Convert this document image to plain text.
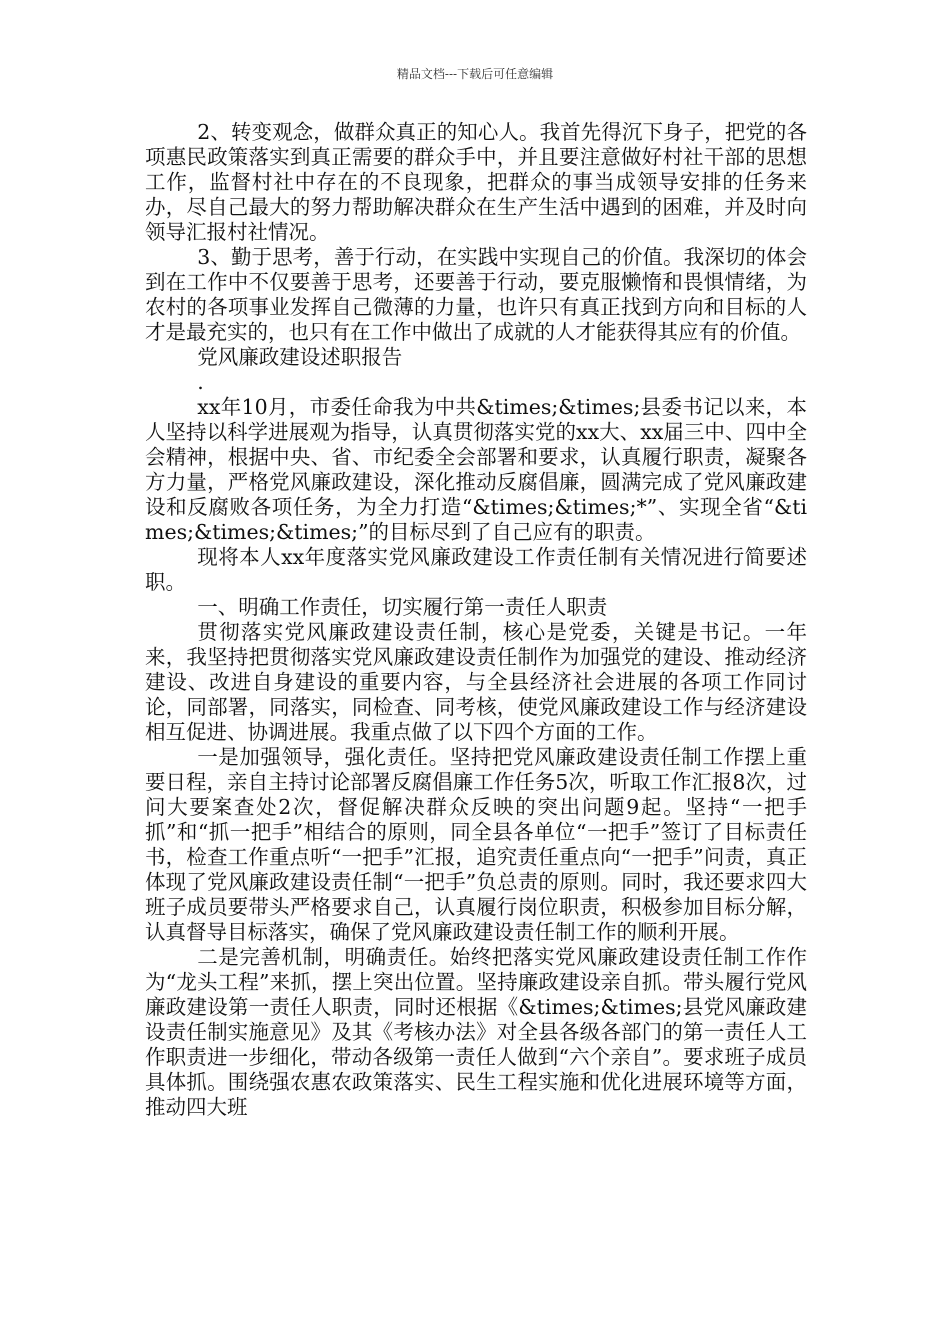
精品文档---下载后可任意编辑

2、转变观念，做群众真正的知心人。我首先得沉下身子，把党的各项惠民政策落实到真正需要的群众手中，并且要注意做好村社干部的思想工作，监督村社中存在的不良现象，把群众的事当成领导安排的任务来办，尽自己最大的努力帮助解决群众在生产生活中遇到的困难，并及时向领导汇报村社情况。

3、勤于思考，善于行动，在实践中实现自己的价值。我深切的体会到在工作中不仅要善于思考，还要善于行动，要克服懒惰和畏惧情绪，为农村的各项事业发挥自己微薄的力量，也许只有真正找到方向和目标的人才是最充实的，也只有在工作中做出了成就的人才能获得其应有的价值。

党风廉政建设述职报告

.

xx年10月，市委任命我为中共&times;&times;县委书记以来，本人坚持以科学进展观为指导，认真贯彻落实党的xx大、xx届三中、四中全会精神，根据中央、省、市纪委全会部署和要求，认真履行职责，凝聚各方力量，严格党风廉政建设，深化推动反腐倡廉，圆满完成了党风廉政建设和反腐败各项任务，为全力打造“&times;&times;*”、实现全省“&times;&times;&times;”的目标尽到了自己应有的职责。

现将本人xx年度落实党风廉政建设工作责任制有关情况进行简要述职。

一、明确工作责任，切实履行第一责任人职责

贯彻落实党风廉政建设责任制，核心是党委，关键是书记。一年来，我坚持把贯彻落实党风廉政建设责任制作为加强党的建设、推动经济建设、改进自身建设的重要内容，与全县经济社会进展的各项工作同讨论，同部署，同落实，同检查、同考核，使党风廉政建设工作与经济建设相互促进、协调进展。我重点做了以下四个方面的工作。

一是加强领导，强化责任。坚持把党风廉政建设责任制工作摆上重要日程，亲自主持讨论部署反腐倡廉工作任务5次，听取工作汇报8次，过问大要案查处2次，督促解决群众反映的突出问题9起。坚持“一把手抓”和“抓一把手”相结合的原则，同全县各单位“一把手”签订了目标责任书，检查工作重点听“一把手”汇报，追究责任重点向“一把手”问责，真正体现了党风廉政建设责任制“一把手”负总责的原则。同时，我还要求四大班子成员要带头严格要求自己，认真履行岗位职责，积极参加目标分解，认真督导目标落实，确保了党风廉政建设责任制工作的顺利开展。

二是完善机制，明确责任。始终把落实党风廉政建设责任制工作作为“龙头工程”来抓，摆上突出位置。坚持廉政建设亲自抓。带头履行党风廉政建设第一责任人职责，同时还根据《&times;&times;县党风廉政建设责任制实施意见》及其《考核办法》对全县各级各部门的第一责任人工作职责进一步细化，带动各级第一责任人做到“六个亲自”。要求班子成员具体抓。围绕强农惠农政策落实、民生工程实施和优化进展环境等方面，推动四大班
